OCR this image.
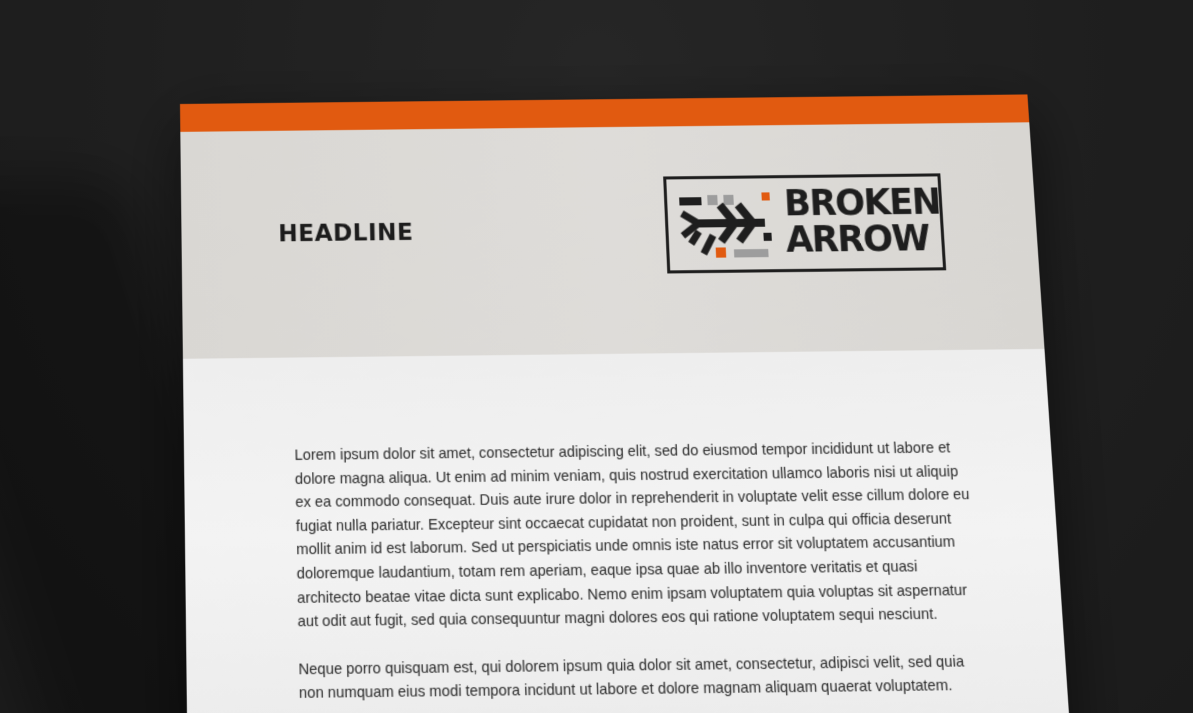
HEADLINE
BROKEN
ARROW

Lorem ipsum dolor sit amet, consectetur adipiscing elit, sed do eiusmod tempor incididunt ut labore et dolore magna aliqua. Ut enim ad minim veniam, quis nostrud exercitation ullamco laboris nisi ut aliquip ex ea commodo consequat. Duis aute irure dolor in reprehenderit in voluptate velit esse cillum dolore eu fugiat nulla pariatur. Excepteur sint occaecat cupidatat non proident, sunt in culpa qui officia deserunt mollit anim id est laborum. Sed ut perspiciatis unde omnis iste natus error sit voluptatem accusantium doloremque laudantium, totam rem aperiam, eaque ipsa quae ab illo inventore veritatis et quasi architecto beatae vitae dicta sunt explicabo. Nemo enim ipsam voluptatem quia voluptas sit aspernatur aut odit aut fugit, sed quia consequuntur magni dolores eos qui ratione voluptatem sequi nesciunt.

Neque porro quisquam est, qui dolorem ipsum quia dolor sit amet, consectetur, adipisci velit, sed quia non numquam eius modi tempora incidunt ut labore et dolore magnam aliquam quaerat voluptatem.
